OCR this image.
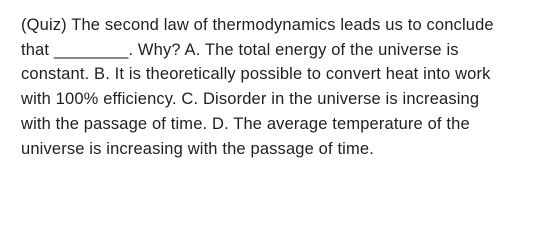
(Quiz) The second law of thermodynamics leads us to conclude
that ________. Why? A. The total energy of the universe is
constant. B. It is theoretically possible to convert heat into work
with 100% efficiency. C. Disorder in the universe is increasing
with the passage of time. D. The average temperature of the
universe is increasing with the passage of time.
